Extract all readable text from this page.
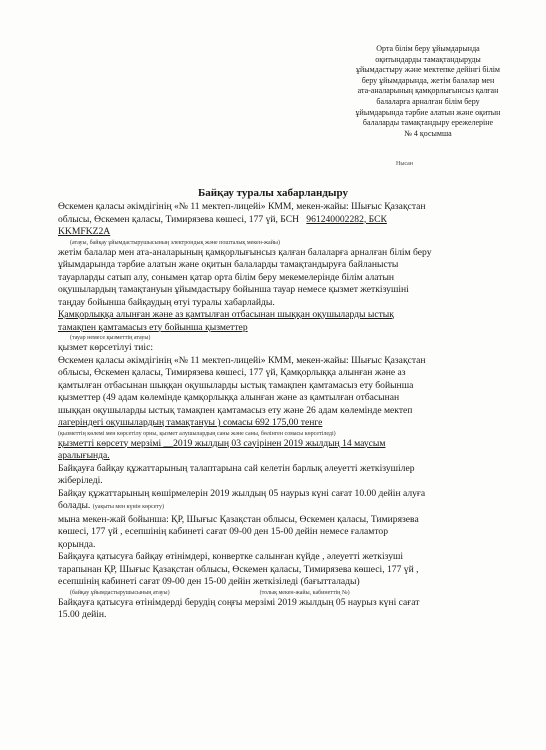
Орта білім беру ұйымдарында
оқитындарды тамақтандыруды
ұйымдастыру және мектепке дейінгі білім
беру ұйымдарында, жетім балалар мен
ата-аналарының қамқорлығынсыз қалған
балаларға арналған білім беру
ұйымдарында тәрбие алатын және оқитын
балаларды тамақтандыру ережелеріне
№ 4 қосымша
Нысан
Байқау туралы хабарландыру

Өскемен қаласы әкімдігінің «№ 11 мектеп-лицейі» КММ, мекен-жайы: Шығыс Қазақстан

облысы, Өскемен қаласы, Тимирязева көшесі, 177 үй, БСН 961240002282, БСК

KKMFKZ2A

(атауы, байқау ұйымдастырушысының электрондық және пошталық мекен-жайы)

жетім балалар мен ата-аналарының қамқорлығынсыз қалған балаларға арналған білім беру

ұйымдарында тәрбие алатын және оқитын балаларды тамақтандыруға байланысты

тауарларды сатып алу, сонымен қатар орта білім беру мекемелерінде білім алатын

оқушылардың тамақтануын ұйымдастыру бойынша тауар немесе қызмет жеткізушіні

таңдау бойынша байқаудың өтуі туралы хабарлайды.

Қамқорлыққа алынған және аз қамтылған отбасынан шыққан оқушыларды ыстық

тамақпен қамтамасыз ету бойынша қызметтер

(тауар немесе қызметтің атауы)

қызмет көрсетілуі тиіс:

Өскемен қаласы әкімдігінің «№ 11 мектеп-лицейі» КММ, мекен-жайы: Шығыс Қазақстан

облысы, Өскемен қаласы, Тимирязева көшесі, 177 үй, Қамқорлыққа алынған және аз

қамтылған отбасынан шыққан оқушыларды ыстық тамақпен қамтамасыз ету бойынша

қызметтер (49 адам көлемінде қамқорлыққа алынған және аз қамтылған отбасынан

шыққан оқушыларды ыстық тамақпен қамтамасыз ету және 26 адам көлемінде мектеп

лагеріндегі оқушылардың тамақтануы ) сомасы 692 175,00 тенге

(қызметтің көлемі мен көрсетілу орны, қызмет алушылардың саны және саны, бөлінген сомасы көрсетіледі)

қызметті көрсету мерзімі __2019 жылдың 03 сәуірінен 2019 жылдың 14 маусым

аралығында.

Байқауға байқау құжаттарының талаптарына сай келетін барлық әлеуетті жеткізушілер

жіберіледі.

Байқау құжаттарының көшірмелерін 2019 жылдың 05 наурыз күні сағат 10.00 дейін алуға

болады. (уақыты мен күнін көрсету)

мына мекен-жай бойынша: ҚР, Шығыс Қазақстан облысы, Өскемен қаласы, Тимирязева

көшесі, 177 үй , есепшінің кабинеті сағат 09-00 ден 15-00 дейін немесе ғаламтор

қорында.

Байқауға қатысуға байқау өтінімдері, конвертке салынған күйде , әлеуетті жеткізуші

тарапынан ҚР, Шығыс Қазақстан облысы, Өскемен қаласы, Тимирязева көшесі, 177 үй ,

есепшінің кабинеті сағат 09-00 ден 15-00 дейін жеткізіледі (бағытталады)

(байқау ұйымдастырушысының атауы)	(толық мекен-жайы, кабинеттің №)

Байқауға қатысуға өтінімдерді берудің соңғы мерзімі 2019 жылдың 05 наурыз күні сағат

15.00 дейін.
